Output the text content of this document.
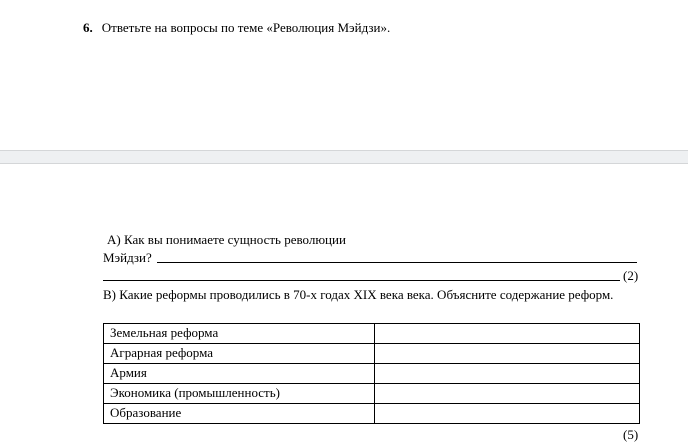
6. Ответьте на вопросы по теме «Революция Мэйдзи».
А) Как вы понимаете сущность революции
Мэйдзи?
(2)
В) Какие реформы проводились в 70-х годах XIX века века. Объясните содержание реформ.
Земельная реформа	
Аграрная реформа	
Армия	
Экономика (промышленность)	
Образование	
(5)
